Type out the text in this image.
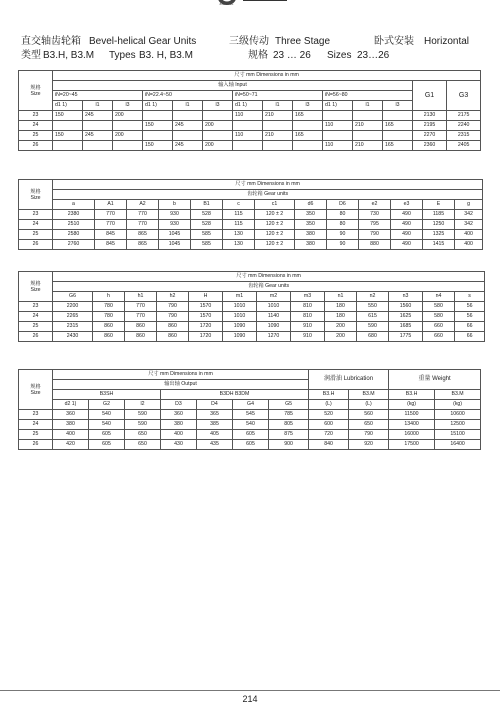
JUSHANG
直交轴齿轮箱 Bevel-helical Gear Units	三级传动 Three Stage	卧式安装 Horizontal
类型 B3.H, B3.M Types B3. H, B3.M	规格 23 … 26 Sizes 23…26
规格
Size	尺寸 mm Dimensions in mm													
	输入轴 Input												G1	G3
	iN=20~45			iN=22.4~50			iN=50~71			iN=56~80				
	d1 1)	l1	l3	d1 1)	l1	l3	d1 1)	l1	l3	d1 1)	l1	l3		
23	150	245	200				110	210	165				2130	2175
24				150	245	200				110	210	165	2195	2240
25	150	245	200				110	210	165				2270	2315
26				150	245	200				110	210	165	2360	2405
规格
Size	尺寸 mm Dimensions in mm												
	齿轮箱 Gear units												
	a	A1	A2	b	B1	c	c1	d6	D6	e2	e3	E	g
23	2380	770	770	930	528	115	120 ± 2	350	80	730	490	1185	342
24	2510	770	770	930	528	115	120 ± 2	350	80	795	490	1250	342
25	2580	845	865	1045	585	130	120 ± 2	380	90	790	490	1325	400
26	2760	845	865	1045	585	130	120 ± 2	380	90	880	490	1415	400
规格
Size	尺寸 mm Dimensions in mm												
	齿轮箱 Gear units												
	G6	h	h1	h2	H	m1	m2	m3	n1	n2	n3	n4	s
23	2200	780	770	790	1570	1010	1010	810	180	550	1560	580	56
24	2265	780	770	790	1570	1010	1140	810	180	615	1625	580	56
25	2315	860	860	860	1720	1090	1090	910	200	590	1685	660	66
26	2430	860	860	860	1720	1090	1270	910	200	680	1775	660	66
规格
Size	尺寸 mm Dimensions in mm							润滑油 Lubrication		重量 Weight	
	输出轴 Output										
	B3SH			B3DH B3DM				B3.H	B3.M	B3.H	B3.M
	d2 1)	G2	l2	D3	D4	G4	G5	(L)	(L)	(kg)	(kg)
23	360	540	590	360	365	545	785	520	560	11500	10600
24	380	540	590	380	385	540	805	600	650	13400	12500
25	400	605	650	400	405	605	875	720	790	16000	15100
26	420	605	650	430	435	605	900	840	920	17500	16400
214
